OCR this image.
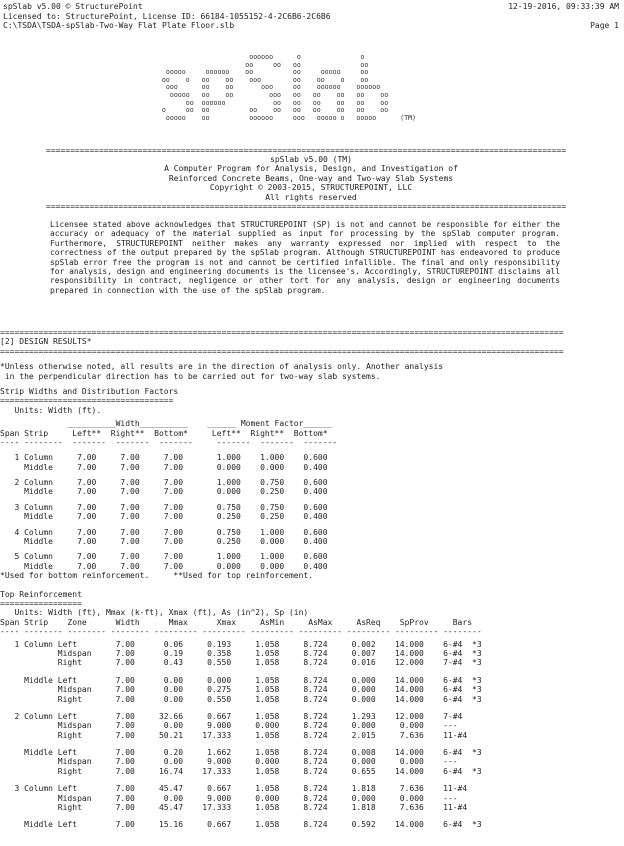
spSlab v5.00 © StructurePoint
Licensed to: StructurePoint, License ID: 66184-1055152-4-2C6B6-2C6B6
C:\TSDA\TSDA-spSlab-Two-Way Flat Plate Floor.slb
12-19-2016, 09:33:39 AM
Page 1
oooooo      o               o
oo     oo   oo               oo
ooooo     oooooo    oo          oo     ooooo     oo
oo    o   oo    oo    ooo        oo    oo    o    oo
ooo      oo    oo       ooo     oo    oooooo    oooooo
ooooo   oo    oo         ooo   oo   oo    oo   oo    oo
oo  oooooo            oo   oo   oo    oo   oo    oo
o     oo  oo          oo    oo   oo   oo    oo   oo    oo
ooooo    oo          oooooo     ooo   ooooo o   ooooo      (TM)
============================================================================================================
spSlab v5.00 (TM)
A Computer Program for Analysis, Design, and Investigation of
Reinforced Concrete Beams, One-way and Two-way Slab Systems
Copyright © 2003-2015, STRUCTUREPOINT, LLC
All rights reserved
============================================================================================================
Licensee stated above acknowledges that STRUCTUREPOINT (SP) is not and cannot be responsible for either the accuracy or adequacy of the material supplied as input for processing by the spSlab computer program. Furthermore, STRUCTUREPOINT neither makes any warranty expressed nor implied with respect to the correctness of the output prepared by the spSlab program. Although STRUCTUREPOINT has endeavored to produce spSlab error free the program is not and cannot be certified infallible. The final and only responsibility for analysis, design and engineering documents is the licensee's. Accordingly, STRUCTUREPOINT disclaims all responsibility in contract, negligence or other tort for any analysis, design or engineering documents prepared in connection with the use of the spSlab program.
=====================================================================================================================
[2] DESIGN RESULTS*
=====================================================================================================================
*Unless otherwise noted, all results are in the direction of analysis only. Another analysis
in the perpendicular direction has to be carried out for two-way slab systems.
Strip Widths and Distribution Factors
====================================
Units: Width (ft).
__________Width__________    ______ Moment Factor______
Span Strip     Left**  Right**  Bottom*     Left**  Right**  Bottom*
---- --------  -------  -------  -------     -------  -------  -------
1 Column     7.00     7.00     7.00       1.000    1.000    0.600
Middle     7.00     7.00     7.00       0.000    0.000    0.400
2 Column     7.00     7.00     7.00       1.000    0.750    0.600
Middle     7.00     7.00     7.00       0.000    0.250    0.400
3 Column     7.00     7.00     7.00       0.750    0.750    0.600
Middle     7.00     7.00     7.00       0.250    0.250    0.400
4 Column     7.00     7.00     7.00       0.750    1.000    0.600
Middle     7.00     7.00     7.00       0.250    0.000    0.400
5 Column     7.00     7.00     7.00       1.000    1.000    0.600
Middle     7.00     7.00     7.00       0.000    0.000    0.400
*Used for bottom reinforcement.     **Used for top reinforcement.
Top Reinforcement
=================
Units: Width (ft), Mmax (k-ft), Xmax (ft), As (in^2), Sp (in)
Span Strip    Zone      Width      Mmax      Xmax     AsMin     AsMax     AsReq    SpProv     Bars
---- -------- -------- -------- --------- --------- --------- --------- --------- --------- --------
1 Column Left        7.00      0.06     0.193     1.058     8.724     0.002    14.000    6-#4  *3
Midspan     7.00      0.19     0.358     1.058     8.724     0.007    14.000    6-#4  *3
Right       7.00      0.43     0.550     1.058     8.724     0.016    12.000    7-#4  *3
Middle Left        7.00      0.00     0.000     1.058     8.724     0.000    14.000    6-#4  *3
Midspan     7.00      0.00     0.275     1.058     8.724     0.000    14.000    6-#4  *3
Right       7.00      0.00     0.550     1.058     8.724     0.000    14.000    6-#4  *3
2 Column Left        7.00     32.66     0.667     1.058     8.724     1.293    12.000    7-#4
Midspan     7.00      0.00     9.000     0.000     8.724     0.000     0.000    ---
Right       7.00     50.21    17.333     1.058     8.724     2.015     7.636    11-#4
Middle Left        7.00      0.20     1.662     1.058     8.724     0.008    14.000    6-#4  *3
Midspan     7.00      0.00     9.000     0.000     8.724     0.000     0.000    ---
Right       7.00     16.74    17.333     1.058     8.724     0.655    14.000    6-#4  *3
3 Column Left        7.00     45.47     0.667     1.058     8.724     1.818     7.636    11-#4
Midspan     7.00      0.00     9.000     0.000     8.724     0.000     0.000    ---
Right       7.00     45.47    17.333     1.058     8.724     1.818     7.636    11-#4
Middle Left        7.00     15.16     0.667     1.058     8.724     0.592    14.000    6-#4  *3
